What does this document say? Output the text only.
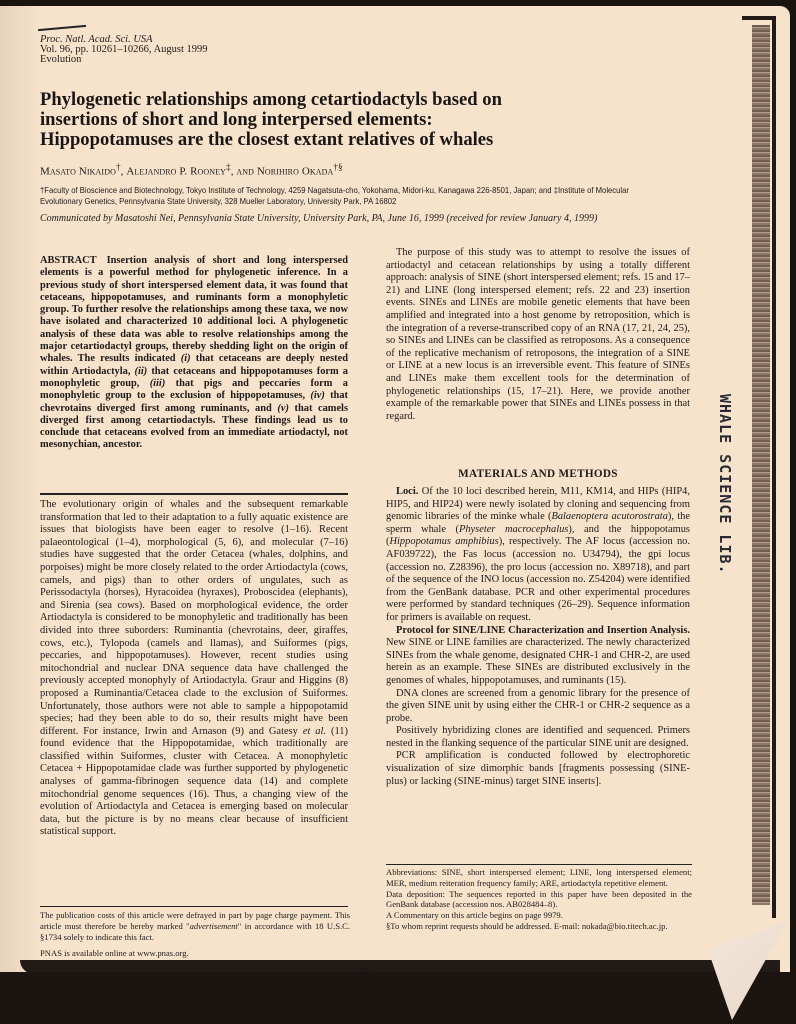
WHALE SCIENCE LIB.
Proc. Natl. Acad. Sci. USA
Vol. 96, pp. 10261–10266, August 1999
Evolution
Phylogenetic relationships among cetartiodactyls based on
insertions of short and long interpersed elements:
Hippopotamuses are the closest extant relatives of whales
Masato Nikaido†, Alejandro P. Rooney‡, and Norihiro Okada†§
†Faculty of Bioscience and Biotechnology, Tokyo Institute of Technology, 4259 Nagatsuta-cho, Yokohama, Midori-ku, Kanagawa 226-8501, Japan; and ‡Institute of Molecular Evolutionary Genetics, Pennsylvania State University, 328 Mueller Laboratory, University Park, PA 16802
Communicated by Masatoshi Nei, Pennsylvania State University, University Park, PA, June 16, 1999 (received for review January 4, 1999)
ABSTRACT Insertion analysis of short and long interspersed elements is a powerful method for phylogenetic inference. In a previous study of short interspersed element data, it was found that cetaceans, hippopotamuses, and ruminants form a monophyletic group. To further resolve the relationships among these taxa, we now have isolated and characterized 10 additional loci. A phylogenetic analysis of these data was able to resolve relationships among the major cetartiodactyl groups, thereby shedding light on the origin of whales. The results indicated (i) that cetaceans are deeply nested within Artiodactyla, (ii) that cetaceans and hippopotamuses form a monophyletic group, (iii) that pigs and peccaries form a monophyletic group to the exclusion of hippopotamuses, (iv) that chevrotains diverged first among ruminants, and (v) that camels diverged first among cetartiodactyls. These findings lead us to conclude that cetaceans evolved from an immediate artiodactyl, not mesonychian, ancestor.
The evolutionary origin of whales and the subsequent remarkable transformation that led to their adaptation to a fully aquatic existence are issues that biologists have been eager to resolve (1–16). Recent palaeontological (1–4), morphological (5, 6), and molecular (7–16) studies have suggested that the order Cetacea (whales, dolphins, and porpoises) might be more closely related to the order Artiodactyla (cows, camels, and pigs) than to other orders of ungulates, such as Perissodactyla (horses), Hyracoidea (hyraxes), Proboscidea (elephants), and Sirenia (sea cows). Based on morphological evidence, the order Artiodactyla is considered to be monophyletic and traditionally has been divided into three suborders: Ruminantia (chevrotains, deer, giraffes, cows, etc.), Tylopoda (camels and llamas), and Suiformes (pigs, peccaries, and hippopotamuses). However, recent studies using mitochondrial and nuclear DNA sequence data have challenged the previously accepted monophyly of Artiodactyla. Graur and Higgins (8) proposed a Ruminantia/Cetacea clade to the exclusion of Suiformes. Unfortunately, those authors were not able to sample a hippopotamid species; had they been able to do so, their results might have been different. For instance, Irwin and Arnason (9) and Gatesy et al. (11) found evidence that the Hippopotamidae, which traditionally are classified within Suiformes, cluster with Cetacea. A monophyletic Cetacea + Hippopotamidae clade was further supported by phylogenetic analyses of gamma-fibrinogen sequence data (14) and complete mitochondrial genome sequences (16). Thus, a changing view of the evolution of Artiodactyla and Cetacea is emerging based on molecular data, but the picture is by no means clear because of insufficient statistical support.

The publication costs of this article were defrayed in part by page charge payment. This article must therefore be hereby marked "advertisement" in accordance with 18 U.S.C. §1734 solely to indicate this fact.

PNAS is available online at www.pnas.org.

10261
The purpose of this study was to attempt to resolve the issues of artiodactyl and cetacean relationships by using a totally different approach: analysis of SINE (short interspersed element; refs. 15 and 17–21) and LINE (long interspersed element; refs. 22 and 23) insertion events. SINEs and LINEs are mobile genetic elements that have been amplified and integrated into a host genome by retroposition, which is the integration of a reverse-transcribed copy of an RNA (17, 21, 24, 25), so SINEs and LINEs can be classified as retroposons. As a consequence of the replicative mechanism of retroposons, the integration of a SINE or LINE at a new locus is an irreversible event. This feature of SINEs and LINEs make them excellent tools for the determination of phylogenetic relationships (15, 17–21). Here, we provide another example of the remarkable power that SINEs and LINEs possess in that regard.
MATERIALS AND METHODS

Loci. Of the 10 loci described herein, M11, KM14, and HIPs (HIP4, HIP5, and HIP24) were newly isolated by cloning and sequencing from genomic libraries of the minke whale (Balaenoptera acutorostrata), the sperm whale (Physeter macrocephalus), and the hippopotamus (Hippopotamus amphibius), respectively. The AF locus (accession no. AF039722), the Fas locus (accession no. U34794), the gpi locus (accession no. Z28396), the pro locus (accession no. X89718), and part of the sequence of the INO locus (accession no. Z54204) were identified from the GenBank database. PCR and other experimental procedures were performed by standard techniques (26–29). Sequence information for primers is available on request.

Protocol for SINE/LINE Characterization and Insertion Analysis. New SINE or LINE families are characterized. The newly characterized SINEs from the whale genome, designated CHR-1 and CHR-2, are used herein as an example. These SINEs are distributed exclusively in the genomes of whales, hippopotamuses, and ruminants (15).

DNA clones are screened from a genomic library for the presence of the given SINE unit by using either the CHR-1 or CHR-2 sequence as a probe.

Positively hybridizing clones are identified and sequenced. Primers nested in the flanking sequence of the particular SINE unit are designed.

PCR amplification is conducted followed by electrophoretic visualization of size dimorphic bands [fragments possessing (SINE-plus) or lacking (SINE-minus) target SINE inserts].

Abbreviations: SINE, short interspersed element; LINE, long interspersed element; MER, medium reiteration frequency family; ARE, artiodactyla repetitive element.

Data deposition: The sequences reported in this paper have been deposited in the GenBank database (accession nos. AB028484–8).

A Commentary on this article begins on page 9979.

§To whom reprint requests should be addressed. E-mail: nokada@bio.titech.ac.jp.
